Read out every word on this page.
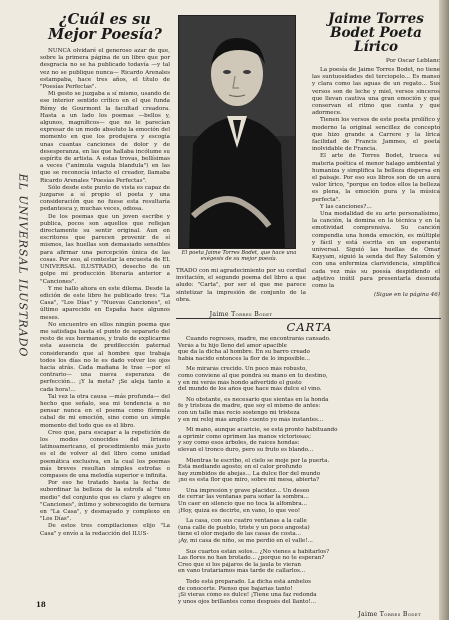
EL UNIVERSAL ILUSTRADO
¿Cuál es su Mejor Poesía?

NUNCA olvidaré el generoso azar de que, sobre la primera página de un libro que por desgracia no se ha publicado todavía —y tal vez no se publique nunca— Ricardo Arenales estampaba, hace tres años, el título de "Poesías Perfectas".

Mi gesto se juzgaba a sí mismo, usando de ese interior sentido crítico en el que funda Rémy de Gourmont la facultad creadora. Hasta a un lado los poemas —bellos y, algunos, magníficos— que no le parecían expresar de un modo absoluto la emoción del momento en que los produjera y escogía unas cuantas canciones de dolor y de desesperanza, en las que hallaba incólume su espíritu de artista. A estas trovas, bellísimas a veces ("animula vagula blandula") en las que se reconocía intacto el creador, llamaba Ricardo Arenales "Poesías Perfectas".

Sólo desde este punto de vista es capaz de juzgarse a sí propio el poeta y una consideración que no fuese esta resultaría pedantesca y, muchas veces, odiosa.

De los poemas que un joven escribe y publica, pocos son aquellos que reflejan directamente su sentir original. Aun en escritores que parecen provenir de sí mismos, las huellas son demasiado sensibles para afirmar una percepción única de las cosas. Por eso, al contestar la encuesta de EL UNIVERSAL ILUSTRADO, desecho de un golpe mi producción literaria anterior a "Canciones".

Y me hallo ahora en este dilema. Desde la edición de este libro he publicado tres: "La Casa", "Los Días" y "Nuevas Canciones", el último aparecido en España hace algunos meses.

No encuentro en ellos ningún poema que me satisfaga hasta el punto de separarlo del resto de sus hermanos, y trato de explicarme esta ausencia de predilección paternal considerando que al hombre que trabaja todos los días no le es dado volver los ojos hacia atrás. Cada mañana le trae —por el contrario— una nueva esperanza de perfección... ¡Y la meta? ¡Se aleja tanto a cada hora!...

Tal vez la otra causa —más profunda— del hecho que señalo, sea mi tendencia a no pensar nunca en el poema como fórmula cabal de mi emoción, sino como un simple momento del todo que es el libro.

Creo que, para escapar a la repetición de los modos conocidos del lirismo latinoamericano, el procedimiento más justo es el de volver al del libro como unidad poemática exclusiva, en la cual los poemas más breves resultan simples estrofas o compases de una melodía superior e infinita.

Por eso he tratado hasta la fecha de subordinar la belleza de la estrofa al "tono medio" del conjunto que es claro y alegre en "Canciones", íntimo y sobrecogido de ternura en "La Casa", y desmayado y complexo en "Los Días".

De estos tres compilaciones elijo "La Casa" y envío a la redacción del ILUS-

18
El poeta Jaime Torres Bodet, que hace una exégesis de su mejor poesía.

TRADO con mi agradecimiento por su cordial invitación, el segundo poema del libro a que aludo: "Carta", por ser el que me parece sintetizar la impresión de conjunto de la obra.

Jaime Torres Bodet
Jaime Torres Bodet Poeta Lírico
Por Oscar Leblanc

La poesía de Jaime Torres Bodet, no tiene las suntuosidades del terciopelo... Es manso y clara como las aguas de un regato... Sus versos son de leche y miel, versos sinceros que llevan cautiva una gran emoción y que conservan el ritmo que canta y que adormece.

Tienen los versos de este poeta prolífico y moderno la original sencillez de concepto que hizo grande a Carrere y la lírica facilidad de Francis Jammes, el poeta inolvidable de Francia.

El arte de Torres Bodet, trueca su materia poética el menor halago ambiental y humaniza y simplifica la belleza dispersa en el paisaje. Por eso sus libros son de un aura valor lírico, "porque en todos ellos la belleza es plena, la emoción pura y la música perfecta".

Y las canciones?...

Una modalidad de su arte personalísimo, la canción, la domina en la técnica y en la emotividad comprensiva. Su canción compendia una honda emoción, es múltiple y fácil y está escrita en un esperanto universal. Siguió las huellas de Omar Kayyam, siguió la senda del Rey Salomón y con una enfermiza clarividencia, simplifica cada vez más su poesía despidiendo el adjetivo inútil para presentarla desnuda como la

(Sigue en la página 46)
CARTA
Cuando regreses, madre, me encontrarás cansado.
Verás a tu hijo lleno del amor apacible
que da la dicha al hombre. En su barro creado
había nacido entonces la flor de lo imposible...
Me mirarás crecido. Un poco más robusto,
como conviene al que pondrá su mano en tu destino,
y en mí verás más hondo advertido el gusto
del mundo de los años que hace más dulce el vino.
No obstante, es necesario que sientas en la honda
fe y tristeza de madre, que soy el mismo de antes:
con un talle más recio sostengo mi tristeza
y en mi reloj más amplio cuento yo más instantes...
Mi mano, aunque acaricie, se está pronto habituando
a oprimir como oprimen las manos victoriosas;
y soy como esos árboles, de raíces hondas:
elevan el tronco duro, pero su fruto es blando...
Mientras te escribo, el cielo se moje por la puerta.
Está mediando agosto; en el calor profundo
hay zumbidos de abejas... La dulce flor del mundo
¡no es esta flor que miro, sobre mi mesa, abierta?
Una impresión y grave placidez... Un deseo
de cerrar las ventanas para soñar la sombra...
Un caer en silencio que no toca la alfombra...
¡Hoy, quizá es decirte, en vano, lo que veo!
La casa, con sus cuatro ventanas a la calle
(una calle de pueblo, triste y un poco angosta)
tiene el olor mojado de las casas de costa...
¡Ay, mi casa de niño, se me perdió en el valle!...
Sus cuartos están solos... ¿No vienes a habitarlos?
Las flores no han brotado... ¿porque no te esperan?
Creo que si los pájaros de la jaula te vieran
en vano trataríamos más tarde de callarlos...
Todo está preparado. La dicha está ambelos
de conocerte. Pienso que bajarías tanto!
¡Si vieras cómo es dulce! ¡Tiene una faz redonda
y unos ojos brillantes como después del llanto!...
Jaime Torres Bodet
